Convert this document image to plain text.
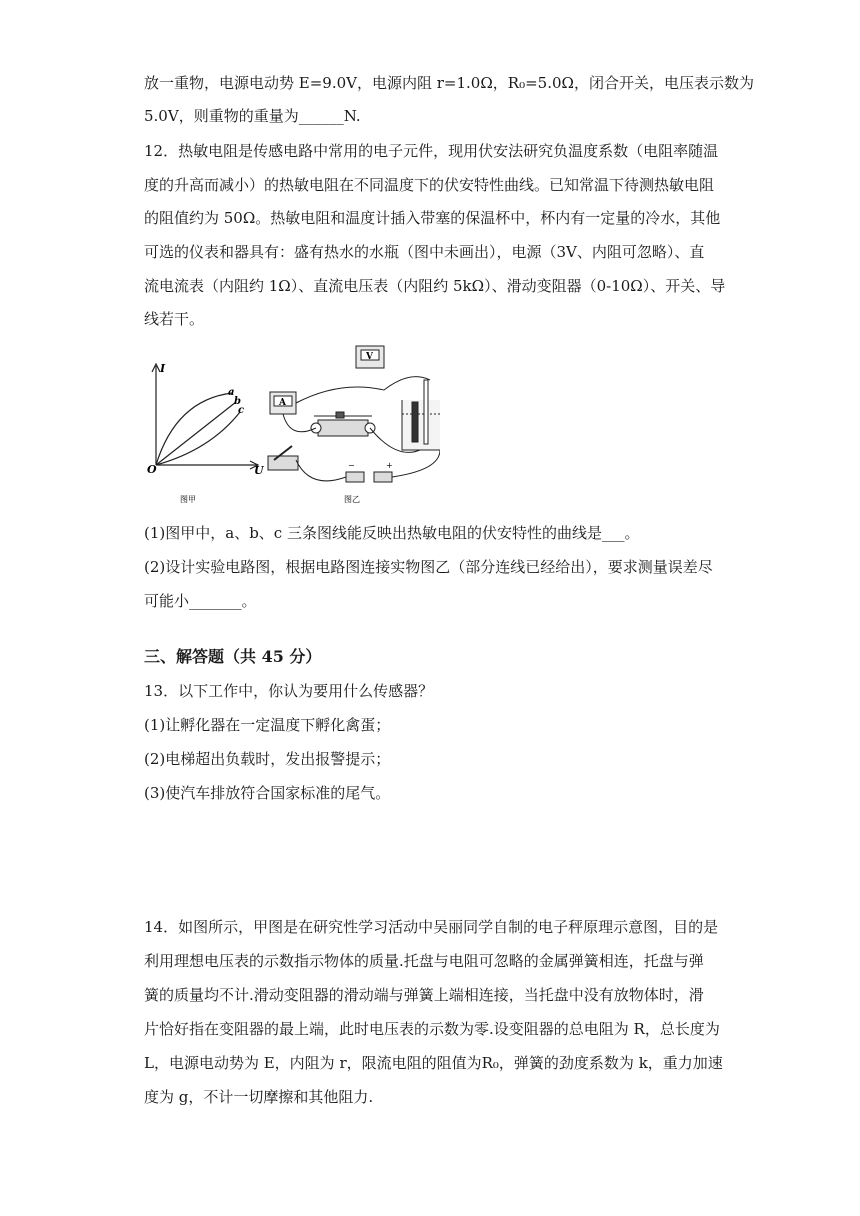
放一重物，电源电动势 E=9.0V，电源内阻 r=1.0Ω，R₀=5.0Ω，闭合开关，电压表示数为
5.0V，则重物的重量为______N.
12．热敏电阻是传感电路中常用的电子元件，现用伏安法研究负温度系数（电阻率随温
度的升高而减小）的热敏电阻在不同温度下的伏安特性曲线。已知常温下待测热敏电阻
的阻值约为 50Ω。热敏电阻和温度计插入带塞的保温杯中，杯内有一定量的冷水，其他
可选的仪表和器具有：盛有热水的水瓶（图中未画出），电源（3V、内阻可忽略）、直
流电流表（内阻约 1Ω）、直流电压表（内阻约 5kΩ）、滑动变阻器（0-10Ω）、开关、导
线若干。
I
U
O
a
b
c
图甲
A
V
−	+
图乙
(1)图甲中，a、b、c 三条图线能反映出热敏电阻的伏安特性的曲线是___。
(2)设计实验电路图，根据电路图连接实物图乙（部分连线已经给出），要求测量误差尽
可能小_______。
三、解答题（共 45 分）
13．以下工作中，你认为要用什么传感器？
(1)让孵化器在一定温度下孵化禽蛋；
(2)电梯超出负载时，发出报警提示；
(3)使汽车排放符合国家标准的尾气。
14．如图所示，甲图是在研究性学习活动中吴丽同学自制的电子秤原理示意图，目的是
利用理想电压表的示数指示物体的质量.托盘与电阻可忽略的金属弹簧相连，托盘与弹
簧的质量均不计.滑动变阻器的滑动端与弹簧上端相连接，当托盘中没有放物体时，滑
片恰好指在变阻器的最上端，此时电压表的示数为零.设变阻器的总电阻为 R，总长度为
L，电源电动势为 E，内阻为 r，限流电阻的阻值为R₀，弹簧的劲度系数为 k，重力加速
度为 g，不计一切摩擦和其他阻力.
